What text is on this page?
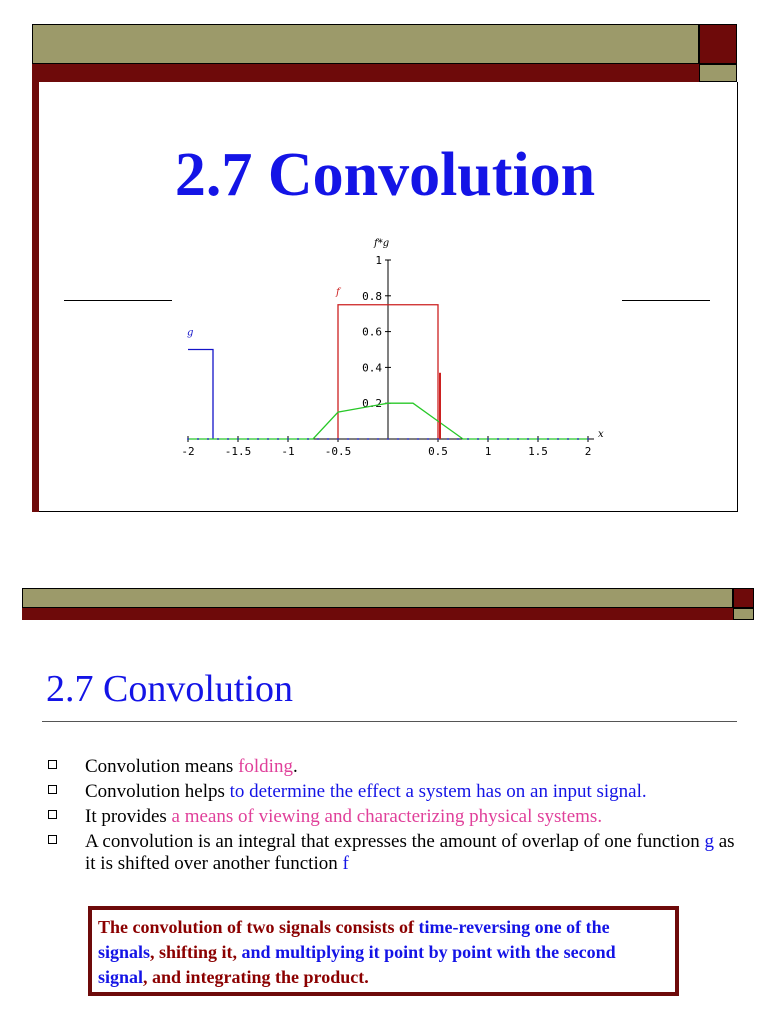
2.7 Convolution
-2	-1.5	-1	-0.5	0.5	1	1.5	2
0.2
0.4
0.6
0.8
1
f*g
x
f
g
2.7 Convolution
Convolution means folding.
Convolution helps to determine the effect a system has on an input signal.
It provides a means of viewing and characterizing physical systems.
A convolution is an integral that expresses the amount of overlap of one function g as it is shifted over another function f
The convolution of two signals consists of time-reversing one of the signals, shifting it, and multiplying it point by point with the second signal, and integrating the product.
